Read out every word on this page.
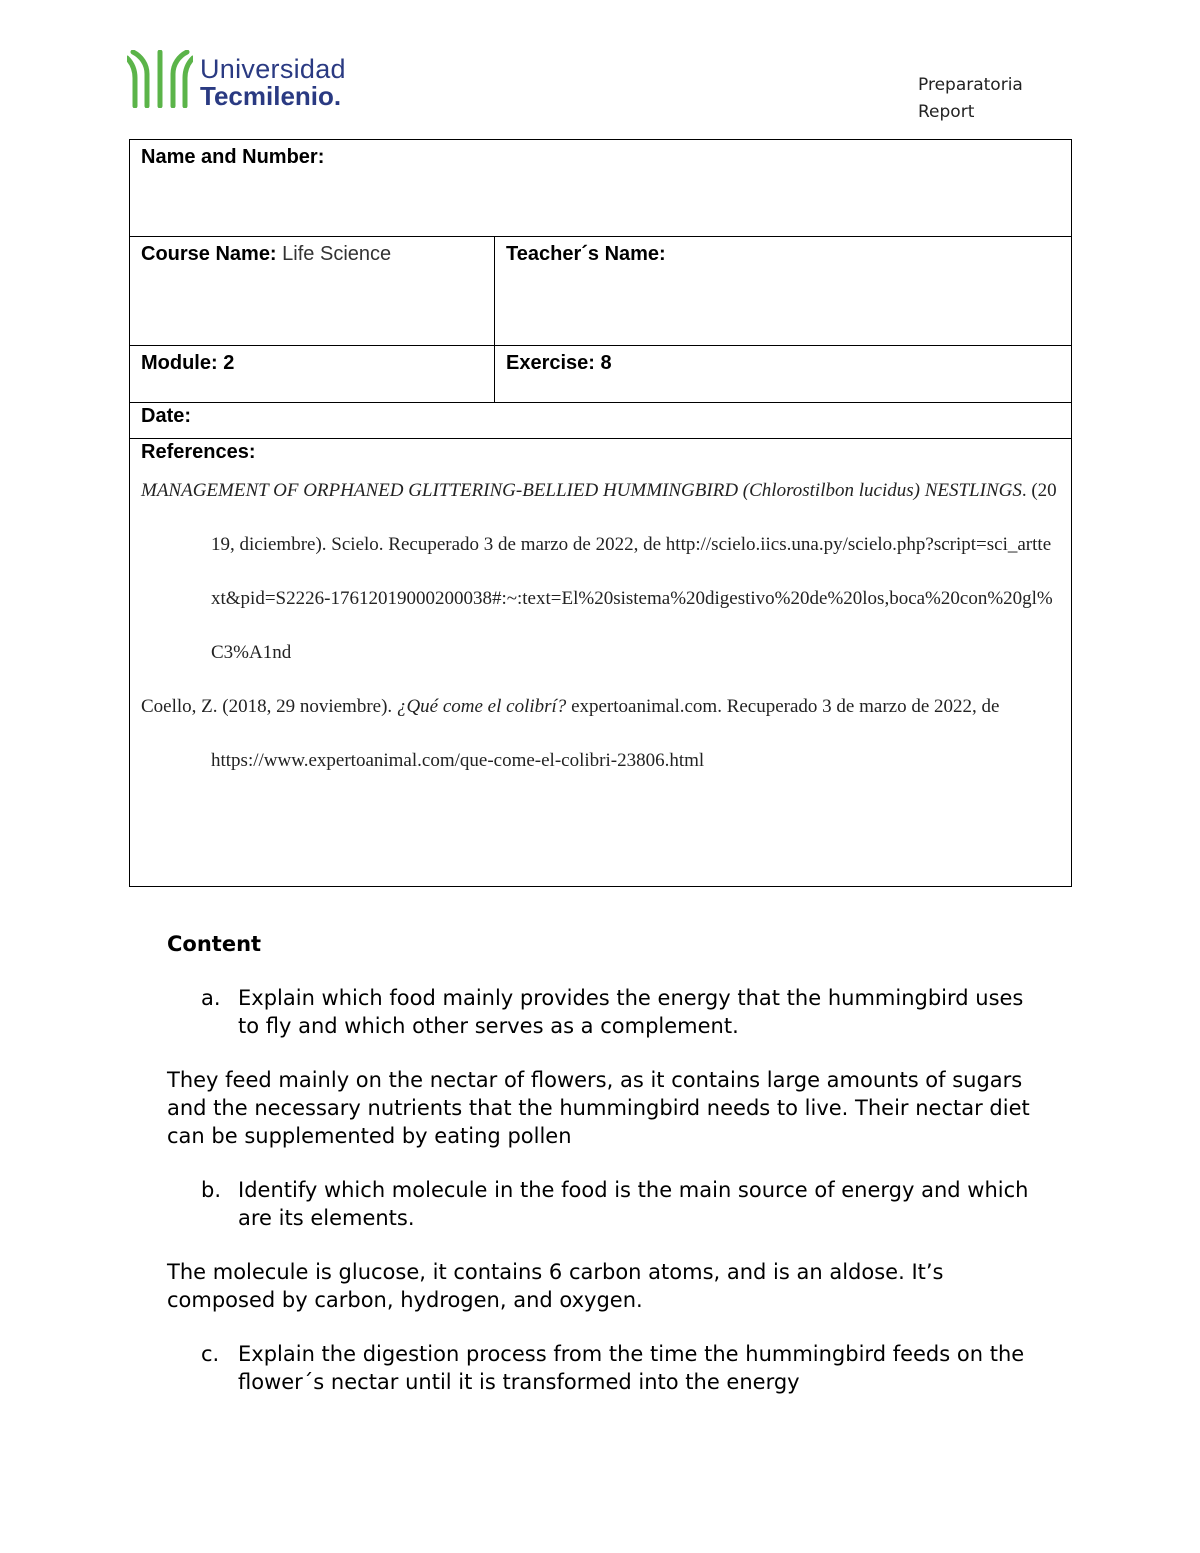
Universidad
Tecmilenio.	Preparatoria
Report
Name and Number:	
Course Name: Life Science	Teacher´s Name:
Module: 2	Exercise: 8
Date:	
References:
MANAGEMENT OF ORPHANED GLITTERING-BELLIED HUMMINGBIRD (Chlorostilbon lucidus) NESTLINGS. (2019, diciembre). Scielo. Recuperado 3 de marzo de 2022, de http://scielo.iics.una.py/scielo.php?script=sci_arttext&pid=S2226-17612019000200038#:~:text=El%20sistema%20digestivo%20de%20los,boca%20con%20gl%C3%A1nd
Coello, Z. (2018, 29 noviembre). ¿Qué come el colibrí? expertoanimal.com. Recuperado 3 de marzo de 2022, de https://www.expertoanimal.com/que-come-el-colibri-23806.html	
Content
a. Explain which food mainly provides the energy that the hummingbird uses to fly and which other serves as a complement.
They feed mainly on the nectar of flowers, as it contains large amounts of sugars and the necessary nutrients that the hummingbird needs to live. Their nectar diet can be supplemented by eating pollen
b. Identify which molecule in the food is the main source of energy and which are its elements.
The molecule is glucose, it contains 6 carbon atoms, and is an aldose. It’s composed by carbon, hydrogen, and oxygen.
c. Explain the digestion process from the time the hummingbird feeds on the flower´s nectar until it is transformed into the energy
